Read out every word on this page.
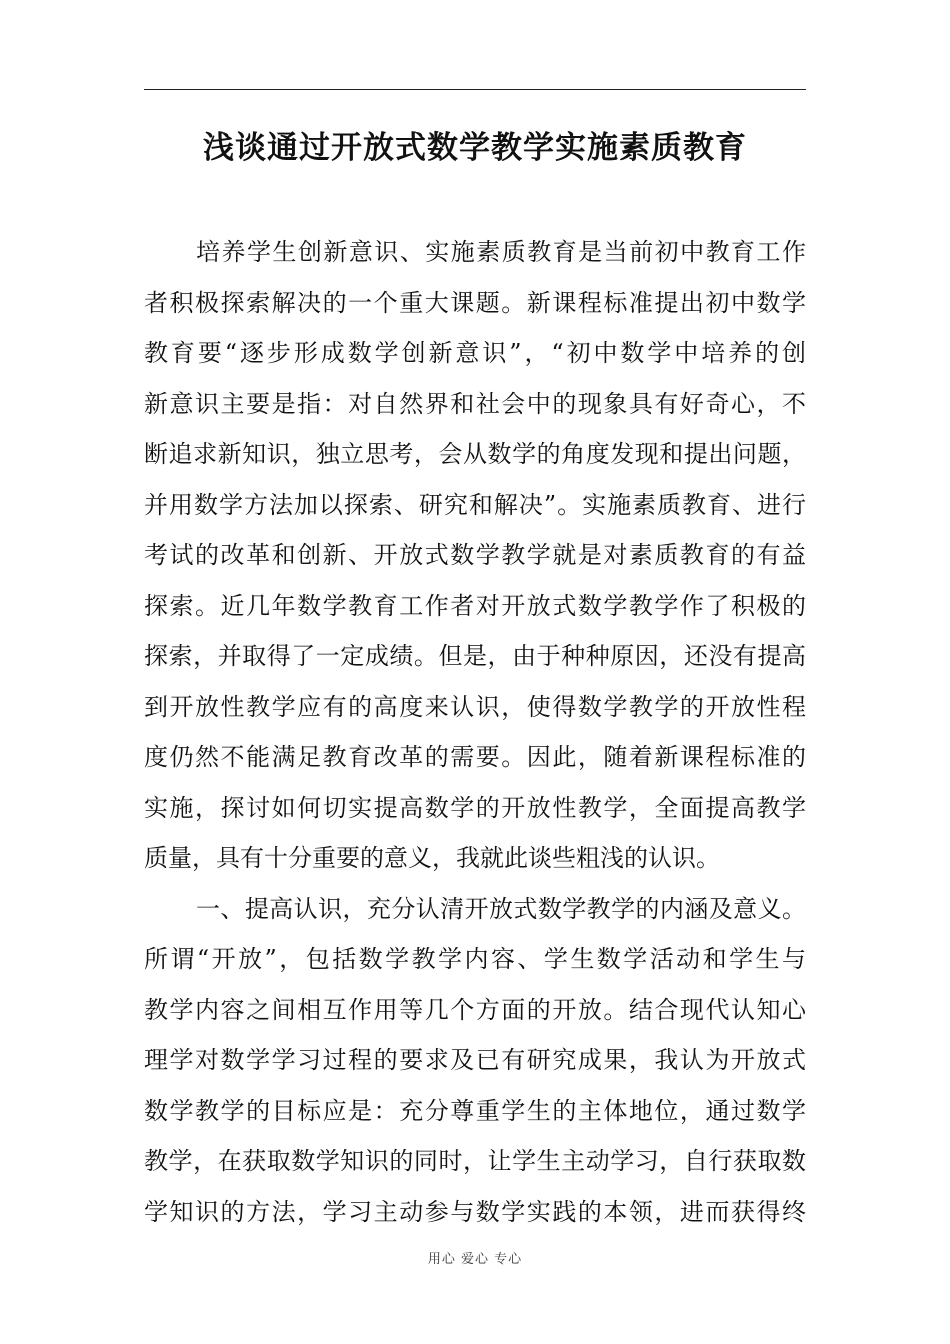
浅谈通过开放式数学教学实施素质教育
培养学生创新意识、实施素质教育是当前初中教育工作
者积极探索解决的一个重大课题。新课程标准提出初中数学
教育要“逐步形成数学创新意识”，“初中数学中培养的创
新意识主要是指：对自然界和社会中的现象具有好奇心，不
断追求新知识，独立思考，会从数学的角度发现和提出问题，
并用数学方法加以探索、研究和解决”。实施素质教育、进行
考试的改革和创新、开放式数学教学就是对素质教育的有益
探索。近几年数学教育工作者对开放式数学教学作了积极的
探索，并取得了一定成绩。但是，由于种种原因，还没有提高
到开放性教学应有的高度来认识，使得数学教学的开放性程
度仍然不能满足教育改革的需要。因此，随着新课程标准的
实施，探讨如何切实提高数学的开放性教学，全面提高教学
质量，具有十分重要的意义，我就此谈些粗浅的认识。
一、提高认识，充分认清开放式数学教学的内涵及意义。
所谓“开放”，包括数学教学内容、学生数学活动和学生与
教学内容之间相互作用等几个方面的开放。结合现代认知心
理学对数学学习过程的要求及已有研究成果，我认为开放式
数学教学的目标应是：充分尊重学生的主体地位，通过数学
教学，在获取数学知识的同时，让学生主动学习，自行获取数
学知识的方法，学习主动参与数学实践的本领，进而获得终
用心 爱心 专心
